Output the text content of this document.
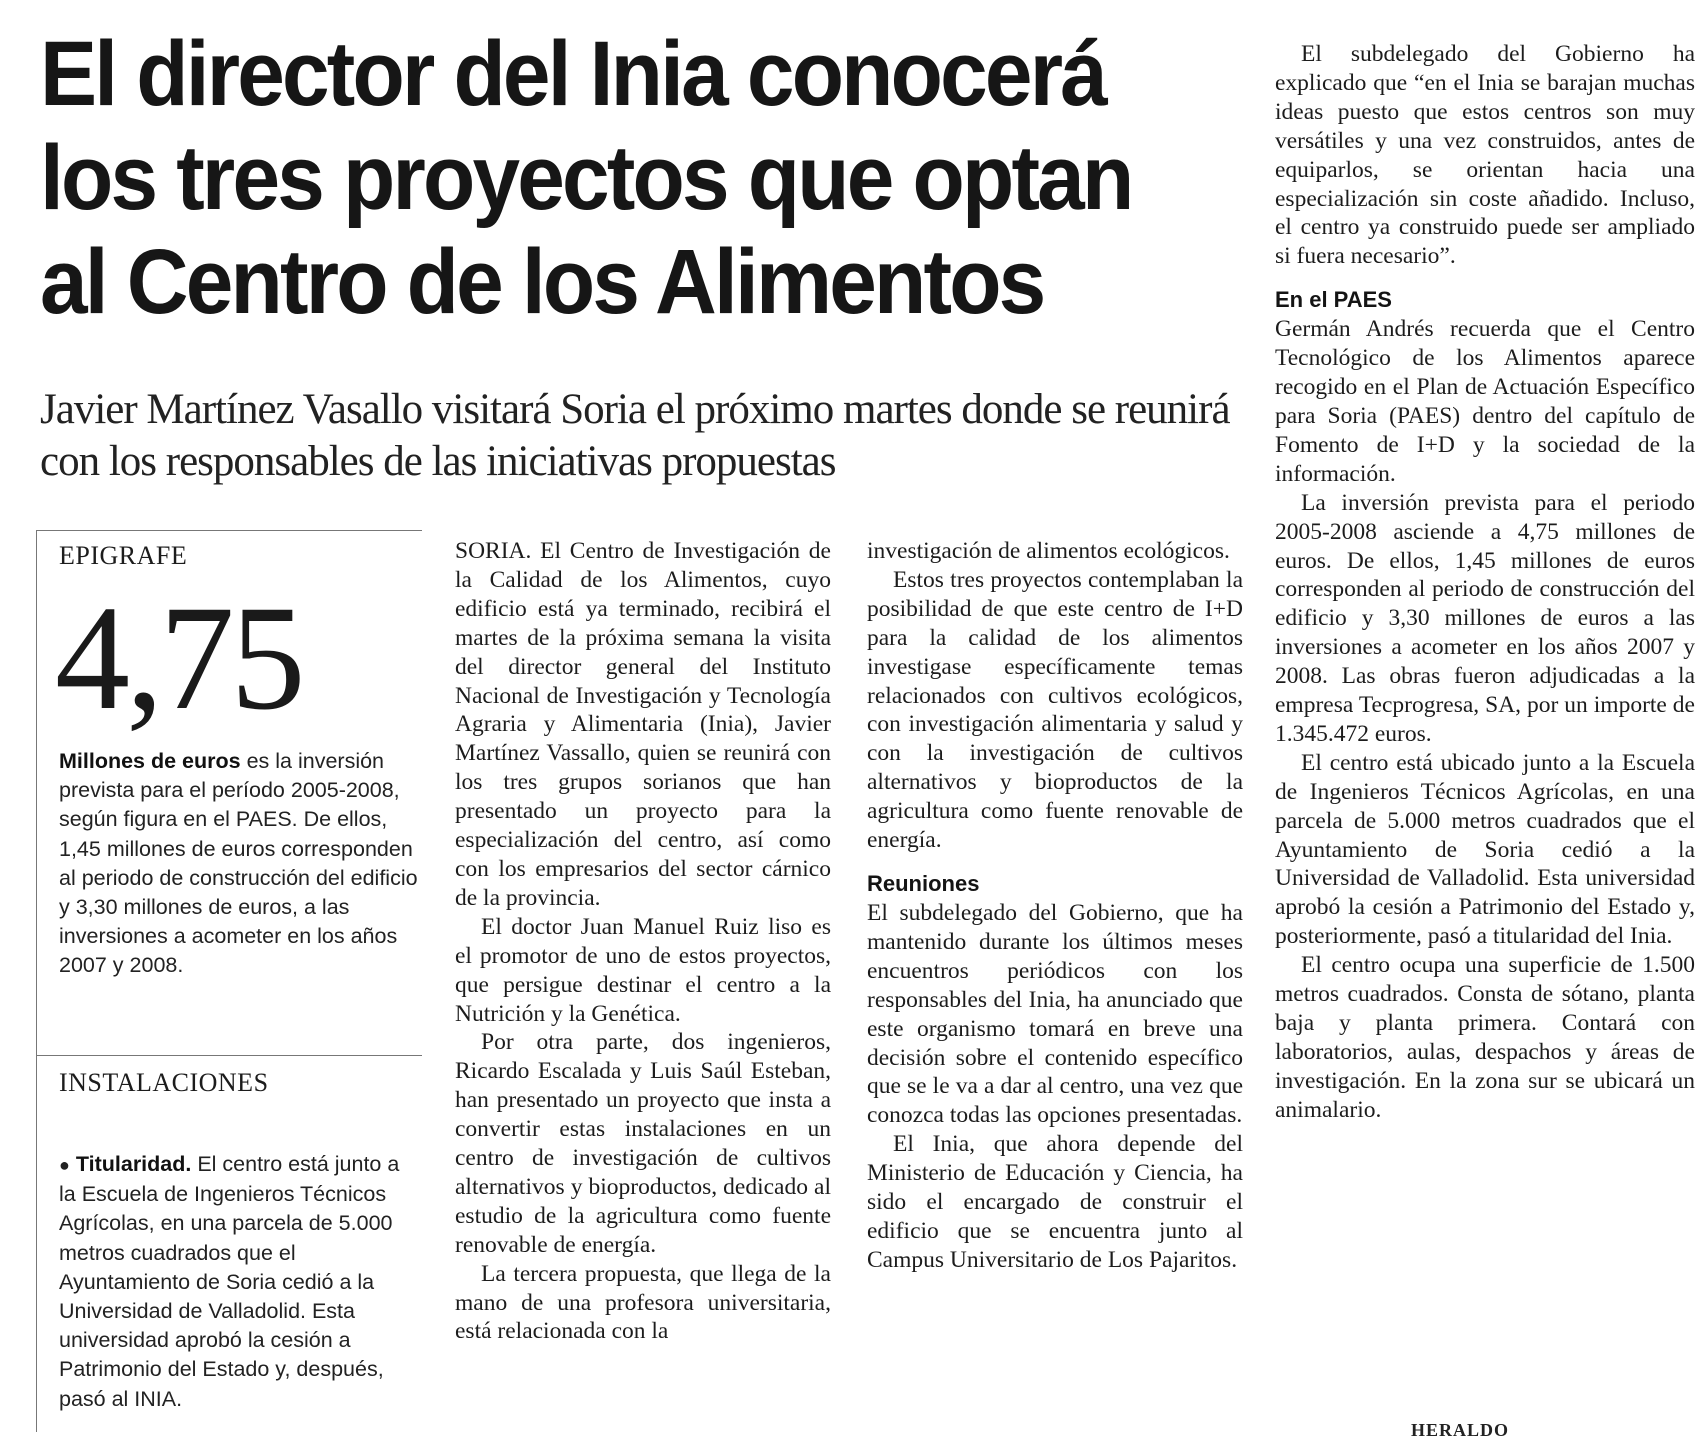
El director del Inia conocerá
los tres proyectos que optan
al Centro de los Alimentos

Javier Martínez Vasallo visitará Soria el próximo martes donde se reunirá con los responsables de las iniciativas propuestas

EPIGRAFE
4,75
Millones de euros es la inversión prevista para el período 2005-2008, según figura en el PAES. De ellos, 1,45 millones de euros corresponden al periodo de construcción del edificio y 3,30 millones de euros, a las inversiones a acometer en los años 2007 y 2008.
INSTALACIONES
● Titularidad. El centro está junto a la Escuela de Ingenieros Técnicos Agrícolas, en una parcela de 5.000 metros cuadrados que el Ayuntamiento de Soria cedió a la Universidad de Valladolid. Esta universidad aprobó la cesión a Patrimonio del Estado y, después, pasó al INIA.

SORIA. El Centro de Investigación de la Calidad de los Alimentos, cuyo edificio está ya terminado, recibirá el martes de la próxima semana la visita del director general del Instituto Nacional de Investigación y Tecnología Agraria y Alimentaria (Inia), Javier Martínez Vassallo, quien se reunirá con los tres grupos sorianos que han presentado un proyecto para la especialización del centro, así como con los empresarios del sector cárnico de la provincia.

El doctor Juan Manuel Ruiz liso es el promotor de uno de estos proyectos, que persigue destinar el centro a la Nutrición y la Genética.

Por otra parte, dos ingenieros, Ricardo Escalada y Luis Saúl Esteban, han presentado un proyecto que insta a convertir estas instalaciones en un centro de investigación de cultivos alternativos y bioproductos, dedicado al estudio de la agricultura como fuente renovable de energía.

La tercera propuesta, que llega de la mano de una profesora universitaria, está relacionada con la

investigación de alimentos ecológicos.

Estos tres proyectos contemplaban la posibilidad de que este centro de I+D para la calidad de los alimentos investigase específicamente temas relacionados con cultivos ecológicos, con investigación alimentaria y salud y con la investigación de cultivos alternativos y bioproductos de la agricultura como fuente renovable de energía.

Reuniones

El subdelegado del Gobierno, que ha mantenido durante los últimos meses encuentros periódicos con los responsables del Inia, ha anunciado que este organismo tomará en breve una decisión sobre el contenido específico que se le va a dar al centro, una vez que conozca todas las opciones presentadas.

El Inia, que ahora depende del Ministerio de Educación y Ciencia, ha sido el encargado de construir el edificio que se encuentra junto al Campus Universitario de Los Pajaritos.

El subdelegado del Gobierno ha explicado que “en el Inia se barajan muchas ideas puesto que estos centros son muy versátiles y una vez construidos, antes de equiparlos, se orientan hacia una especialización sin coste añadido. Incluso, el centro ya construido puede ser ampliado si fuera necesario”.

En el PAES

Germán Andrés recuerda que el Centro Tecnológico de los Alimentos aparece recogido en el Plan de Actuación Específico para Soria (PAES) dentro del capítulo de Fomento de I+D y la sociedad de la información.

La inversión prevista para el periodo 2005-2008 asciende a 4,75 millones de euros. De ellos, 1,45 millones de euros corresponden al periodo de construcción del edificio y 3,30 millones de euros a las inversiones a acometer en los años 2007 y 2008. Las obras fueron adjudicadas a la empresa Tecprogresa, SA, por un importe de 1.345.472 euros.

El centro está ubicado junto a la Escuela de Ingenieros Técnicos Agrícolas, en una parcela de 5.000 metros cuadrados que el Ayuntamiento de Soria cedió a la Universidad de Valladolid. Esta universidad aprobó la cesión a Patrimonio del Estado y, posteriormente, pasó a titularidad del Inia.

El centro ocupa una superficie de 1.500 metros cuadrados. Consta de sótano, planta baja y planta primera. Contará con laboratorios, aulas, despachos y áreas de investigación. En la zona sur se ubicará un animalario.

HERALDO
